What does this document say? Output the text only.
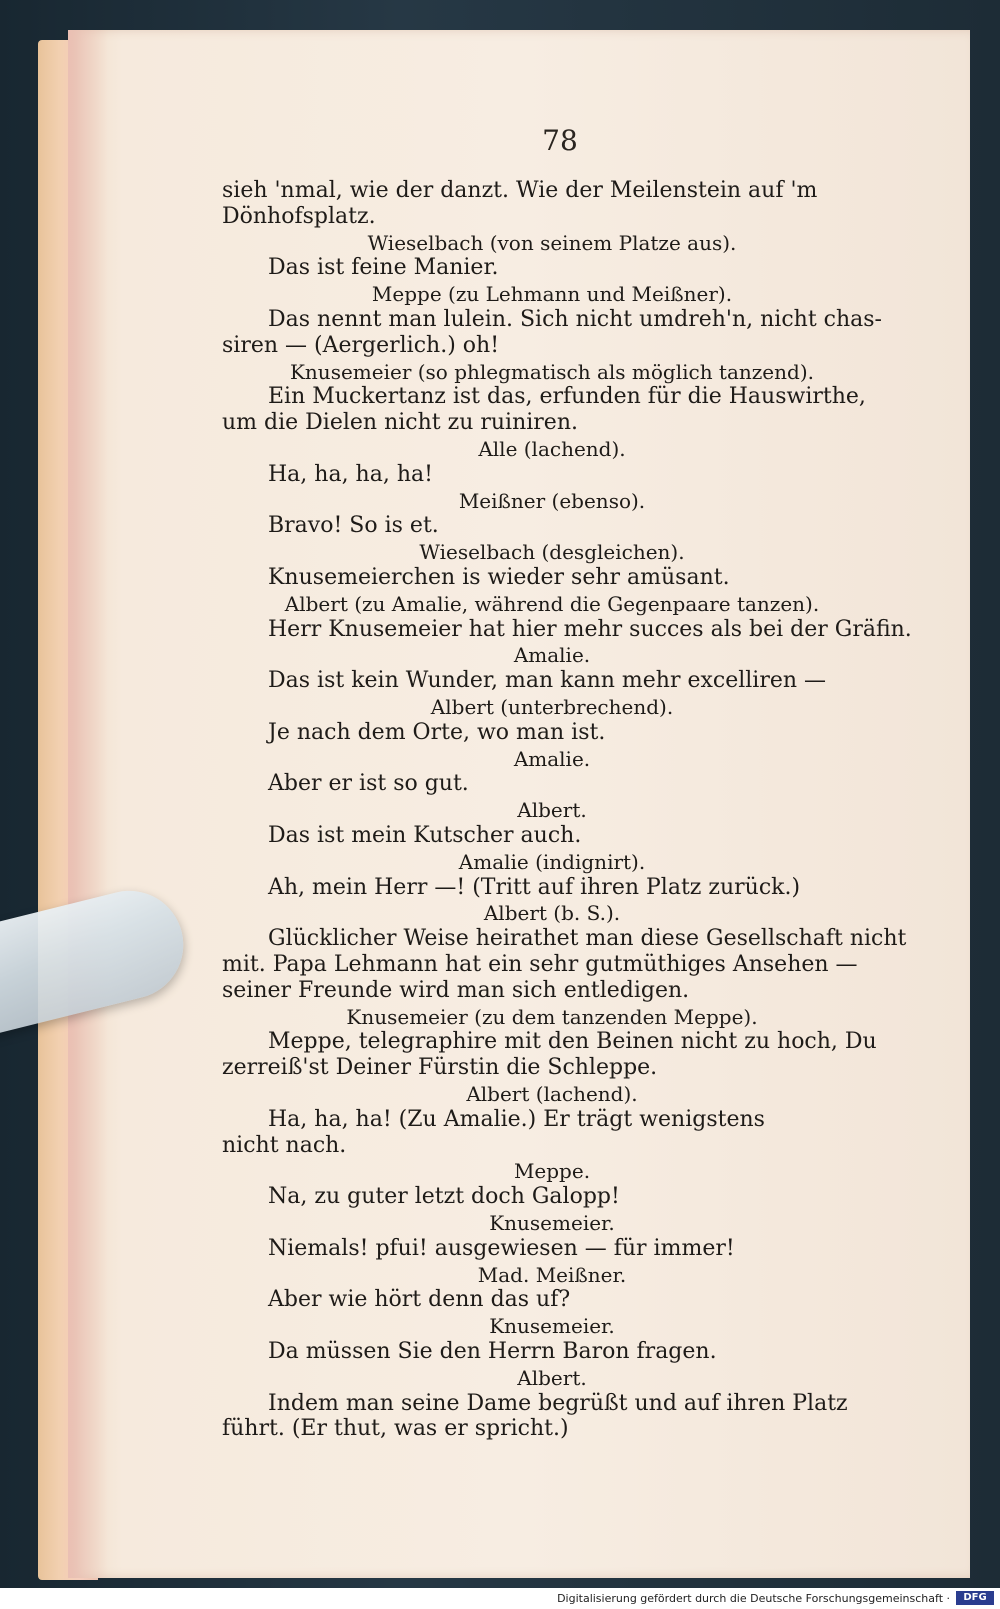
78
sieh 'nmal, wie der danzt. Wie der Meilenstein auf 'm
Dönhofsplatz.
Wieselbach (von seinem Platze aus).
Das ist feine Manier.
Meppe (zu Lehmann und Meißner).
Das nennt man lulein. Sich nicht umdreh'n, nicht chas-
siren — (Aergerlich.) oh!
Knusemeier (so phlegmatisch als möglich tanzend).
Ein Muckertanz ist das, erfunden für die Hauswirthe,
um die Dielen nicht zu ruiniren.
Alle (lachend).
Ha, ha, ha, ha!
Meißner (ebenso).
Bravo! So is et.
Wieselbach (desgleichen).
Knusemeierchen is wieder sehr amüsant.
Albert (zu Amalie, während die Gegenpaare tanzen).
Herr Knusemeier hat hier mehr succes als bei der Gräfin.
Amalie.
Das ist kein Wunder, man kann mehr excelliren —
Albert (unterbrechend).
Je nach dem Orte, wo man ist.
Amalie.
Aber er ist so gut.
Albert.
Das ist mein Kutscher auch.
Amalie (indignirt).
Ah, mein Herr —! (Tritt auf ihren Platz zurück.)
Albert (b. S.).
Glücklicher Weise heirathet man diese Gesellschaft nicht
mit. Papa Lehmann hat ein sehr gutmüthiges Ansehen —
seiner Freunde wird man sich entledigen.
Knusemeier (zu dem tanzenden Meppe).
Meppe, telegraphire mit den Beinen nicht zu hoch, Du
zerreiß'st Deiner Fürstin die Schleppe.
Albert (lachend).
Ha, ha, ha! (Zu Amalie.) Er trägt wenigstens
nicht nach.
Meppe.
Na, zu guter letzt doch Galopp!
Knusemeier.
Niemals! pfui! ausgewiesen — für immer!
Mad. Meißner.
Aber wie hört denn das uf?
Knusemeier.
Da müssen Sie den Herrn Baron fragen.
Albert.
Indem man seine Dame begrüßt und auf ihren Platz
führt. (Er thut, was er spricht.)
Digitalisierung gefördert durch die Deutsche Forschungsgemeinschaft ·	DFG
